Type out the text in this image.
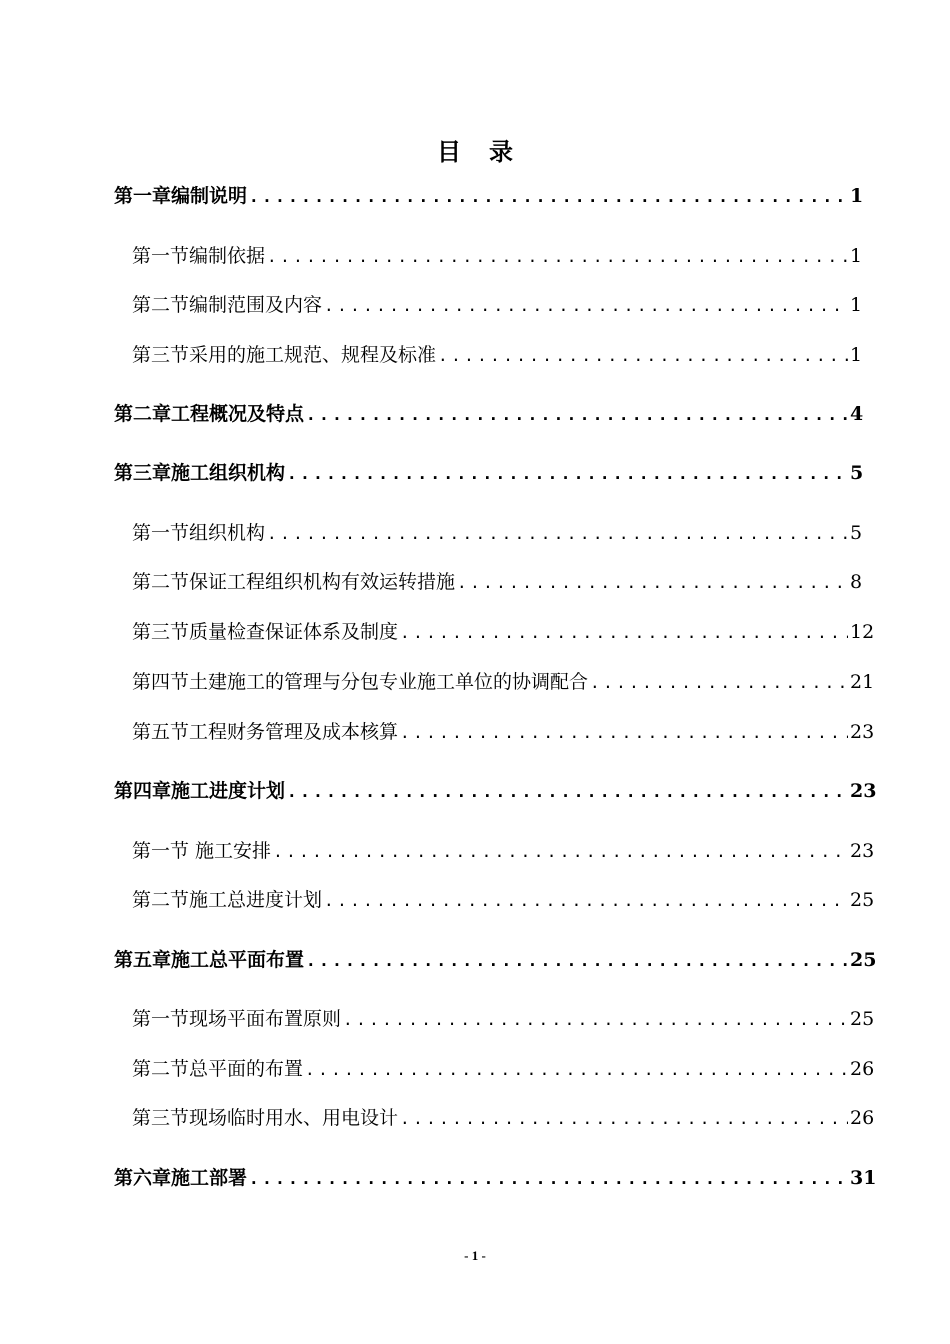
目录
第一章 编制说明 .....	1
第一节 编制依据 .....	1
第二节 编制范围及内容 .....	1
第三节 采用的施工规范、规程及标准 .....	1
第二章 工程概况及特点 .....	4
第三章 施工组织机构 .....	5
第一节 组织机构 .....	5
第二节 保证工程组织机构有效运转措施 .....	8
第三节 质量检查保证体系及制度 .....	12
第四节 土建施工的管理与分包专业施工单位的协调配合 .....	21
第五节 工程财务管理及成本核算 .....	23
第四章 施工进度计划 .....	23
第一节 施工安排 .....	23
第二节 施工总进度计划 .....	25
第五章 施工总平面布置 .....	25
第一节 现场平面布置原则 .....	25
第二节 总平面的布置 .....	26
第三节 现场临时用水、用电设计 .....	26
第六章 施工部署 .....	31
- 1 -
